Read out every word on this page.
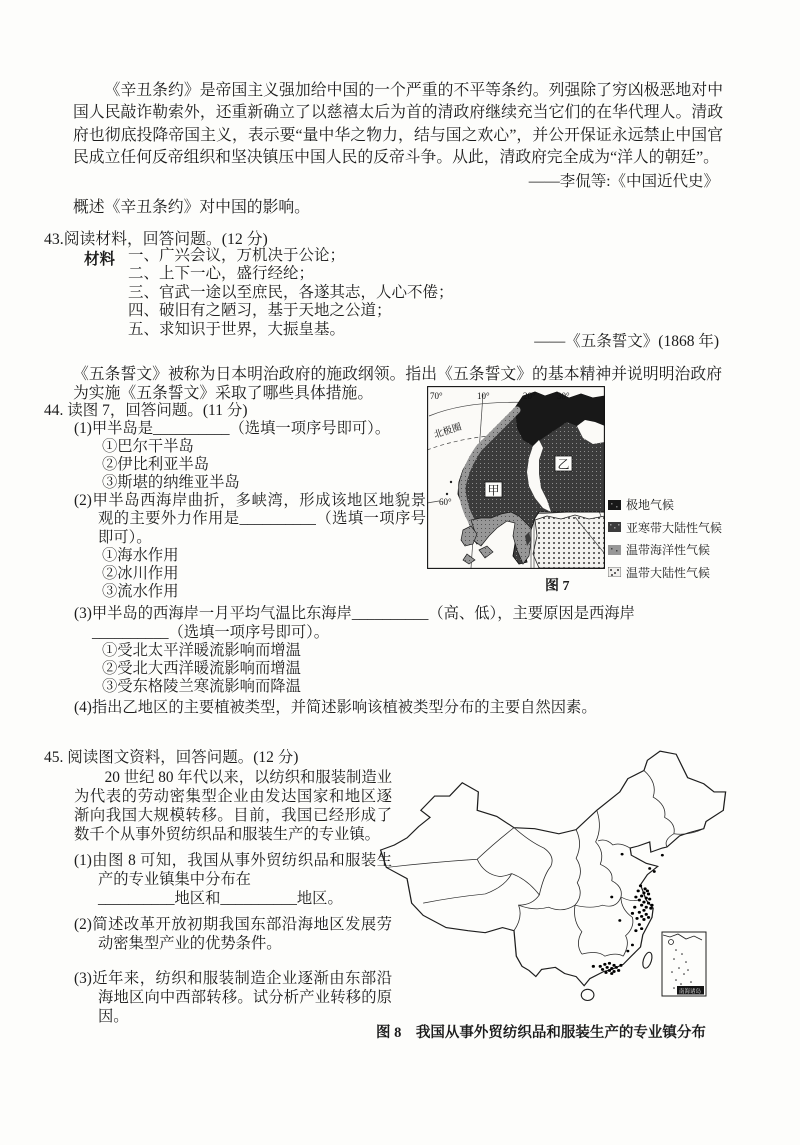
《辛丑条约》是帝国主义强加给中国的一个严重的不平等条约。列强除了穷凶极恶地对中国人民敲诈勒索外，还重新确立了以慈禧太后为首的清政府继续充当它们的在华代理人。清政府也彻底投降帝国主义，表示要“量中华之物力，结与国之欢心”，并公开保证永远禁止中国官民成立任何反帝组织和坚决镇压中国人民的反帝斗争。从此，清政府完全成为“洋人的朝廷”。

——李侃等:《中国近代史》
概述《辛丑条约》对中国的影响。
43.阅读材料，回答问题。(12 分)
材料 一、广兴会议，万机决于公论；
二、上下一心，盛行经纶；
三、官武一途以至庶民，各遂其志，人心不倦；
四、破旧有之陋习，基于天地之公道；
五、求知识于世界，大振皇基。
——《五条誓文》(1868 年)

《五条誓文》被称为日本明治政府的施政纲领。指出《五条誓文》的基本精神并说明明治政府为实施《五条誓文》采取了哪些具体措施。

44. 读图 7，回答问题。(11 分)
(1)甲半岛是__________（选填一项序号即可）。
①巴尔干半岛
②伊比利亚半岛
③斯堪的纳维亚半岛
(2)甲半岛西海岸曲折，多峡湾，形成该地区地貌景观的主要外力作用是__________（选填一项序号即可）。
①海水作用
②冰川作用
③流水作用
70°	10°	20° 30°
北极圈
60°
甲
乙
极地气候
亚寒带大陆性气候
温带海洋性气候
温带大陆性气候
图 7
(3)甲半岛的西海岸一月平均气温比东海岸__________（高、低），主要原因是西海岸
__________（选填一项序号即可）。
①受北太平洋暖流影响而增温
②受北大西洋暖流影响而增温
③受东格陵兰寒流影响而降温
(4)指出乙地区的主要植被类型，并简述影响该植被类型分布的主要自然因素。
45. 阅读图文资料，回答问题。(12 分)
20 世纪 80 年代以来，以纺织和服装制造业为代表的劳动密集型企业由发达国家和地区逐渐向我国大规模转移。目前，我国已经形成了数千个从事外贸纺织品和服装生产的专业镇。
(1)由图 8 可知，我国从事外贸纺织品和服装生产的专业镇集中分布在
__________地区和__________地区。
(2)简述改革开放初期我国东部沿海地区发展劳动密集型产业的优势条件。
(3)近年来，纺织和服装制造企业逐渐由东部沿海地区向中西部转移。试分析产业转移的原因。
南海诸岛
图 8　我国从事外贸纺织品和服装生产的专业镇分布
